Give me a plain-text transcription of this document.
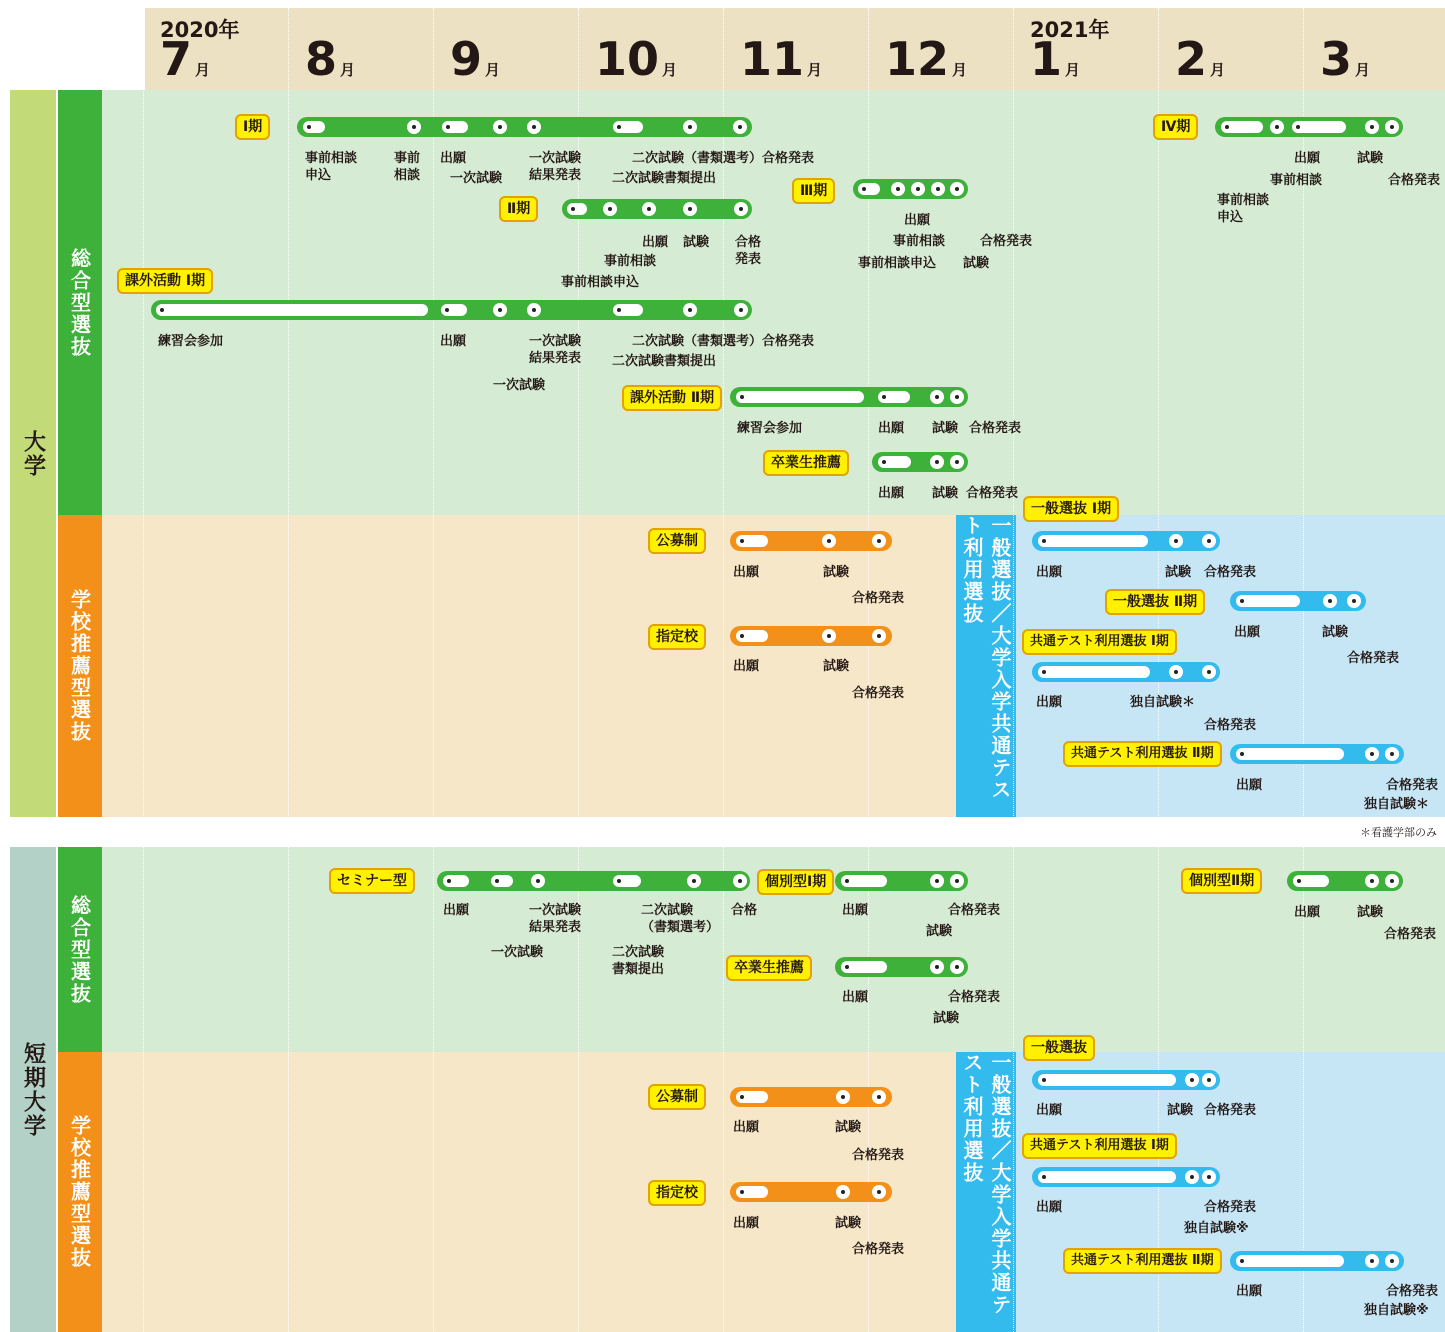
2020年	2021年
7 月 8 月 9 月 10 月 11 月 12 月 1 月 2 月 3 月
大学
総合型選抜
学校推薦型選抜	一般選抜／大学入学共通テスト利用選抜
＊看護学部のみ
短期大学
総合型選抜
学校推薦型選抜	一般選抜／大学入学共通テスト利用選抜
Ⅰ期
事前相談
申込
事前
相談
出願
一次試験
一次試験
結果発表
二次試験（書類選考）合格発表
二次試験書類提出
Ⅱ期
出願 試験 合格
発表
事前相談
事前相談申込
Ⅲ期
出願
事前相談	合格発表
事前相談申込 試験
Ⅳ期
出願	試験
事前相談	合格発表
事前相談
申込
課外活動 Ⅰ期
練習会参加	出願	一次試験
結果発表
二次試験（書類選考）合格発表
二次試験書類提出
一次試験
課外活動 Ⅱ期
練習会参加	出願 試験 合格発表
卒業生推薦
出願 試験 合格発表
公募制
出願	試験
合格発表
指定校
出願	試験
合格発表
一般選抜 Ⅰ期
出願	試験 合格発表
一般選抜 Ⅱ期
出願	試験
合格発表
共通テスト利用選抜 Ⅰ期
出願	独自試験＊
合格発表
共通テスト利用選抜 Ⅱ期
出願	合格発表
独自試験＊
セミナー型
出願	一次試験
結果発表
一次試験
二次試験
（書類選考）
二次試験
書類提出
合格
個別型Ⅰ期
出願	合格発表
試験
個別型Ⅱ期
出願	試験
合格発表
卒業生推薦
出願	合格発表
試験
公募制
出願	試験
合格発表
指定校
出願	試験
合格発表
一般選抜
出願	試験 合格発表
共通テスト利用選抜 Ⅰ期
出願	合格発表
独自試験※
共通テスト利用選抜 Ⅱ期
出願	合格発表
独自試験※
